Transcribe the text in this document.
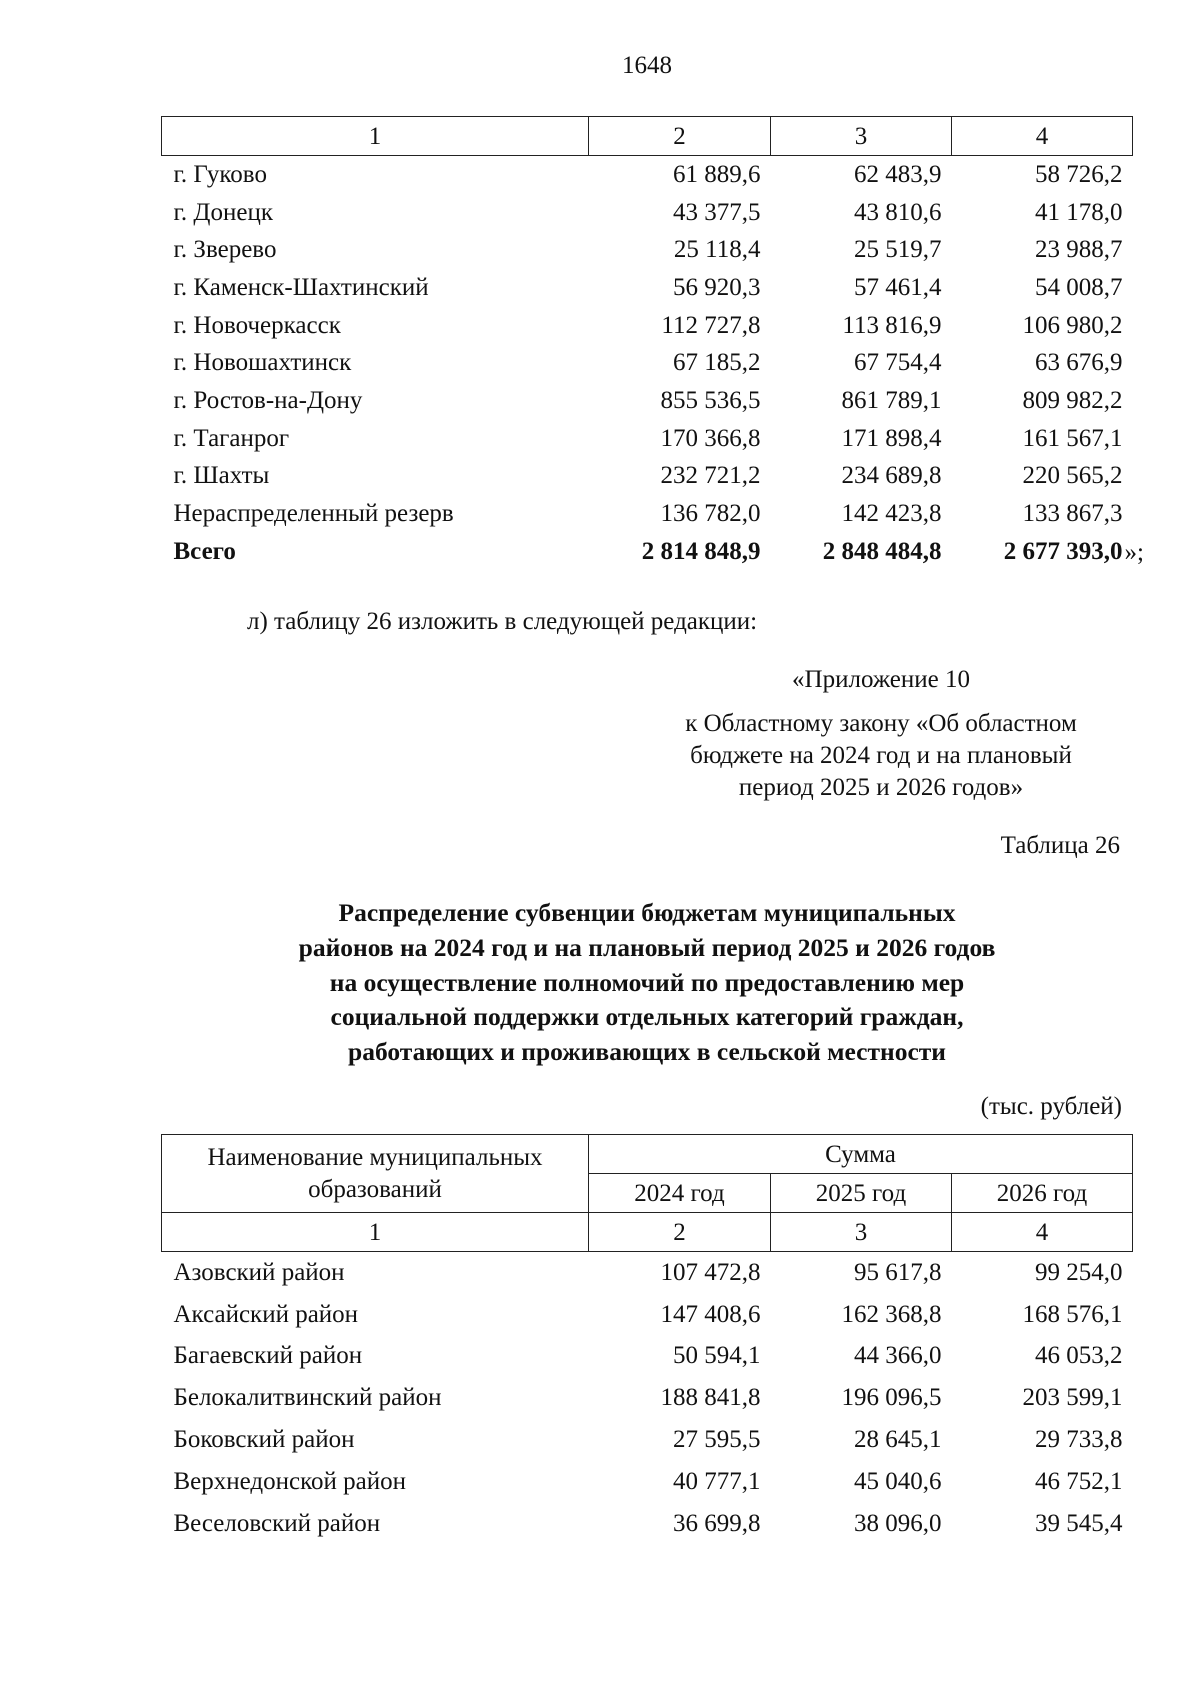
1648
1	2	3	4
г. Гуково	61 889,6	62 483,9	58 726,2
г. Донецк	43 377,5	43 810,6	41 178,0
г. Зверево	25 118,4	25 519,7	23 988,7
г. Каменск-Шахтинский	56 920,3	57 461,4	54 008,7
г. Новочеркасск	112 727,8	113 816,9	106 980,2
г. Новошахтинск	67 185,2	67 754,4	63 676,9
г. Ростов-на-Дону	855 536,5	861 789,1	809 982,2
г. Таганрог	170 366,8	171 898,4	161 567,1
г. Шахты	232 721,2	234 689,8	220 565,2
Нераспределенный резерв	136 782,0	142 423,8	133 867,3
Всего	2 814 848,9	2 848 484,8	2 677 393,0
л) таблицу 26 изложить в следующей редакции:
«Приложение 10
к Областному закону «Об областном
бюджете на 2024 год и на плановый
период 2025 и 2026 годов»
Таблица 26
Распределение субвенции бюджетам муниципальных
районов на 2024 год и на плановый период 2025 и 2026 годов
на осуществление полномочий по предоставлению мер
социальной поддержки отдельных категорий граждан,
работающих и проживающих в сельской местности
(тыс. рублей)
Наименование муниципальных
образований	Сумма		
	2024 год	2025 год	2026 год
1	2	3	4
Азовский район	107 472,8	95 617,8	99 254,0
Аксайский район	147 408,6	162 368,8	168 576,1
Багаевский район	50 594,1	44 366,0	46 053,2
Белокалитвинский район	188 841,8	196 096,5	203 599,1
Боковский район	27 595,5	28 645,1	29 733,8
Верхнедонской район	40 777,1	45 040,6	46 752,1
Веселовский район	36 699,8	38 096,0	39 545,4
»;
